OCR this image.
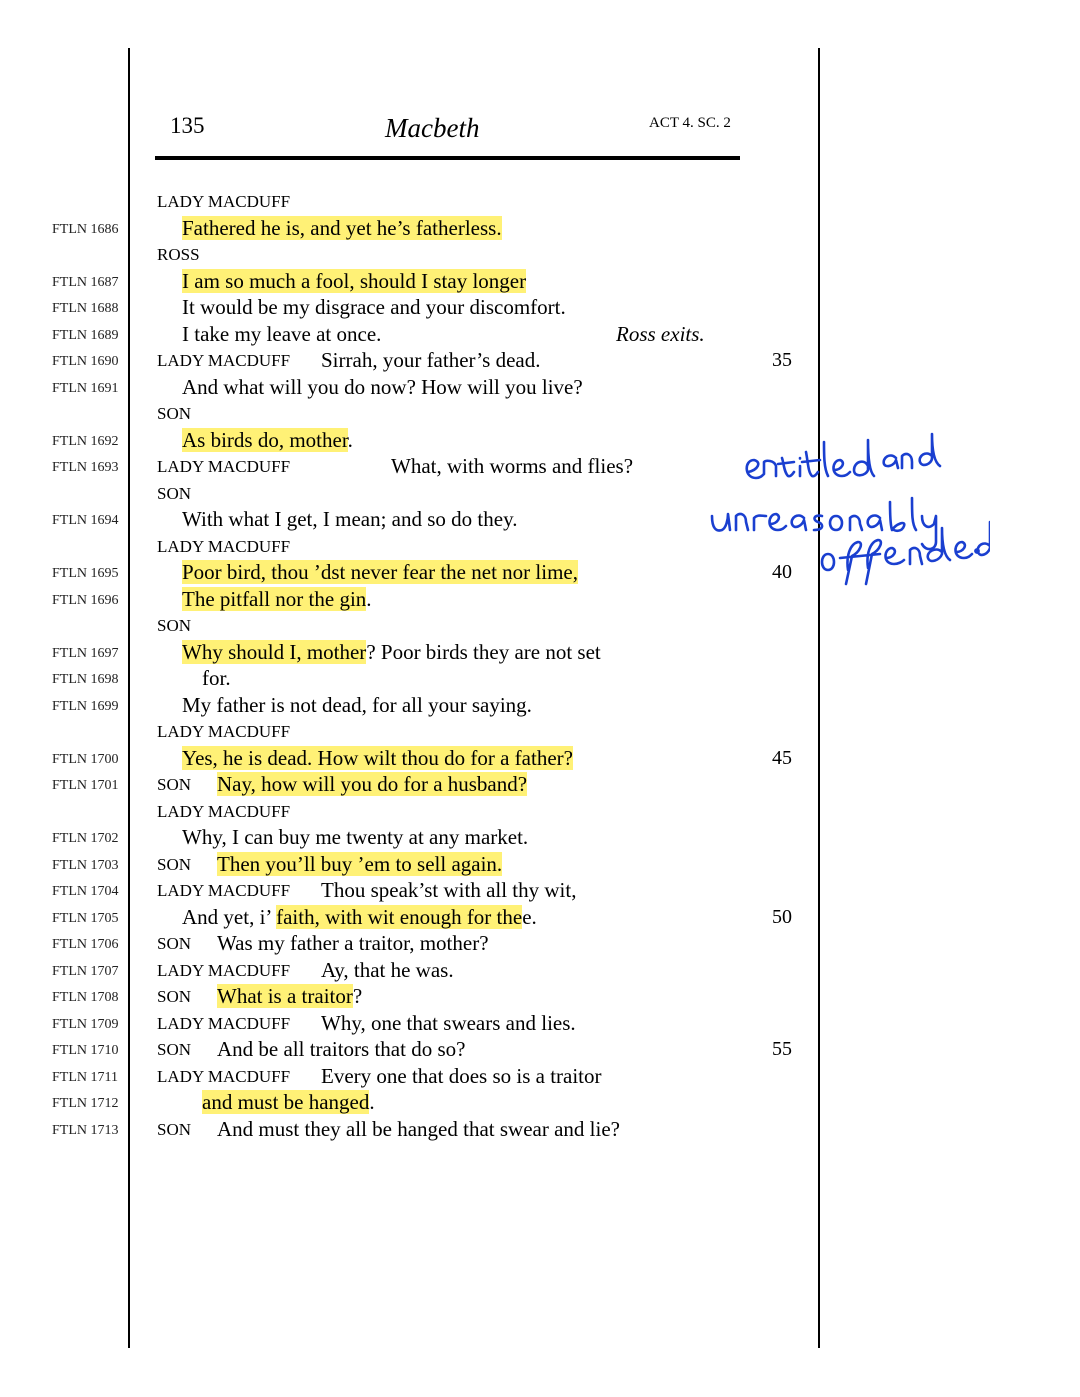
135	Macbeth	ACT 4. SC. 2
LADY MACDUFF
FTLN 1686	Fathered he is, and yet he’s fatherless.
ROSS
FTLN 1687	I am so much a fool, should I stay longer
FTLN 1688	It would be my disgrace and your discomfort.
FTLN 1689	I take my leave at once.	Ross exits.
FTLN 1690 LADY MACDUFF Sirrah, your father’s dead.	35
FTLN 1691	And what will you do now? How will you live?
SON
FTLN 1692	As birds do, mother.
FTLN 1693 LADY MACDUFF	What, with worms and flies?
SON
FTLN 1694	With what I get, I mean; and so do they.
LADY MACDUFF
FTLN 1695	Poor bird, thou ’dst never fear the net nor lime,	40
FTLN 1696	The pitfall nor the gin.
SON
FTLN 1697	Why should I, mother? Poor birds they are not set
FTLN 1698	for.
FTLN 1699	My father is not dead, for all your saying.
LADY MACDUFF
FTLN 1700	Yes, he is dead. How wilt thou do for a father?	45
FTLN 1701 SON Nay, how will you do for a husband?
LADY MACDUFF
FTLN 1702	Why, I can buy me twenty at any market.
FTLN 1703 SON Then you’ll buy ’em to sell again.
FTLN 1704 LADY MACDUFF Thou speak’st with all thy wit,
FTLN 1705	And yet, i’ faith, with wit enough for thee.	50
FTLN 1706 SON Was my father a traitor, mother?
FTLN 1707 LADY MACDUFF Ay, that he was.
FTLN 1708 SON What is a traitor?
FTLN 1709 LADY MACDUFF Why, one that swears and lies.
FTLN 1710 SON And be all traitors that do so?	55
FTLN 1711 LADY MACDUFF Every one that does so is a traitor
FTLN 1712	and must be hanged.
FTLN 1713 SON And must they all be hanged that swear and lie?
